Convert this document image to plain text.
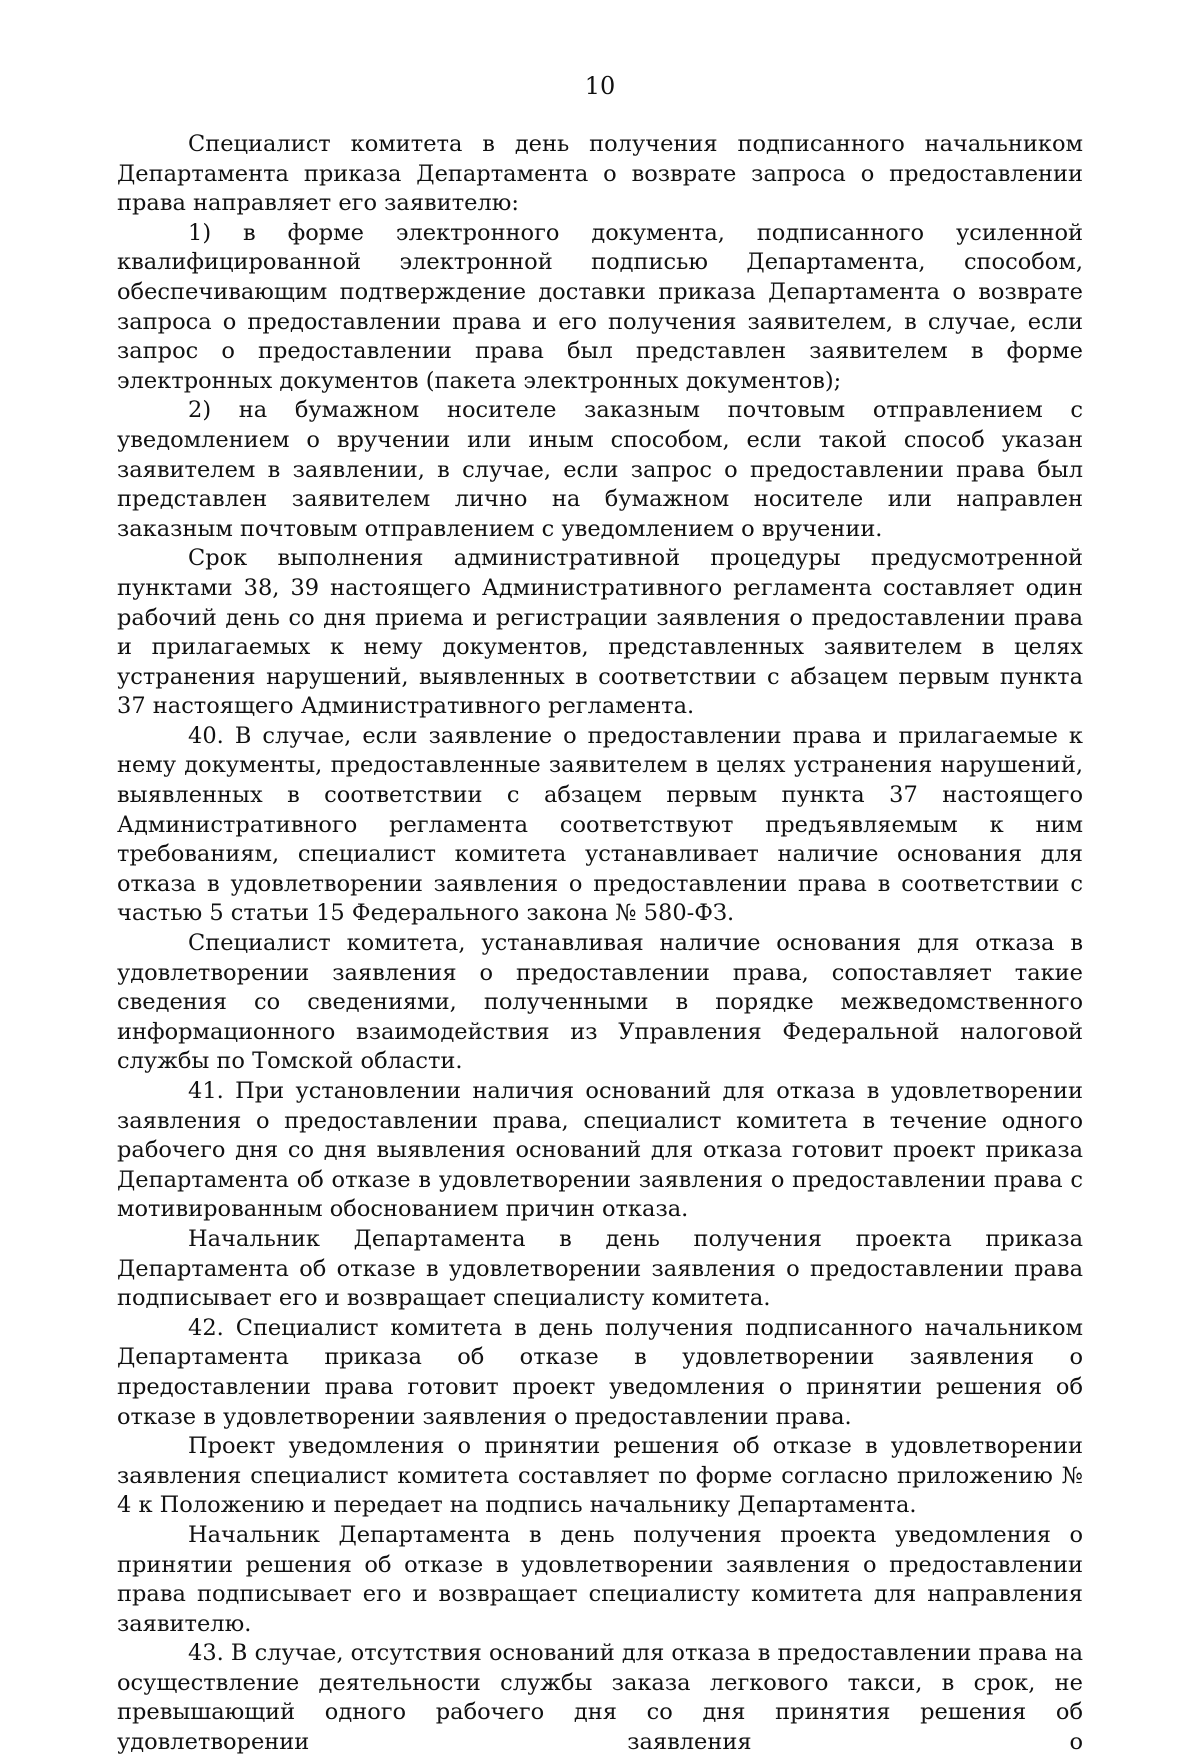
10

Специалист комитета в день получения подписанного начальником Департамента приказа Департамента о возврате запроса о предоставлении права направляет его заявителю:

1) в форме электронного документа, подписанного усиленной квалифицированной электронной подписью Департамента, способом, обеспечивающим подтверждение доставки приказа Департамента о возврате запроса о предоставлении права и его получения заявителем, в случае, если запрос о предоставлении права был представлен заявителем в форме электронных документов (пакета электронных документов);

2) на бумажном носителе заказным почтовым отправлением с уведомлением о вручении или иным способом, если такой способ указан заявителем в заявлении, в случае, если запрос о предоставлении права был представлен заявителем лично на бумажном носителе или направлен заказным почтовым отправлением с уведомлением о вручении.

Срок выполнения административной процедуры предусмотренной пунктами 38, 39 настоящего Административного регламента составляет один рабочий день со дня приема и регистрации заявления о предоставлении права и прилагаемых к нему документов, представленных заявителем в целях устранения нарушений, выявленных в соответствии с абзацем первым пункта 37 настоящего Административного регламента.

40. В случае, если заявление о предоставлении права и прилагаемые к нему документы, предоставленные заявителем в целях устранения нарушений, выявленных в соответствии с абзацем первым пункта 37 настоящего Административного регламента соответствуют предъявляемым к ним требованиям, специалист комитета устанавливает наличие основания для отказа в удовлетворении заявления о предоставлении права в соответствии с частью 5 статьи 15 Федерального закона № 580-ФЗ.

Специалист комитета, устанавливая наличие основания для отказа в удовлетворении заявления о предоставлении права, сопоставляет такие сведения со сведениями, полученными в порядке межведомственного информационного взаимодействия из Управления Федеральной налоговой службы по Томской области.

41. При установлении наличия оснований для отказа в удовлетворении заявления о предоставлении права, специалист комитета в течение одного рабочего дня со дня выявления оснований для отказа готовит проект приказа Департамента об отказе в удовлетворении заявления о предоставлении права с мотивированным обоснованием причин отказа.

Начальник Департамента в день получения проекта приказа Департамента об отказе в удовлетворении заявления о предоставлении права подписывает его и возвращает специалисту комитета.

42. Специалист комитета в день получения подписанного начальником Департамента приказа об отказе в удовлетворении заявления о предоставлении права готовит проект уведомления о принятии решения об отказе в удовлетворении заявления о предоставлении права.

Проект уведомления о принятии решения об отказе в удовлетворении заявления специалист комитета составляет по форме согласно приложению № 4 к Положению и передает на подпись начальнику Департамента.

Начальник Департамента в день получения проекта уведомления о принятии решения об отказе в удовлетворении заявления о предоставлении права подписывает его и возвращает специалисту комитета для направления заявителю.

43. В случае, отсутствия оснований для отказа в предоставлении права на осуществление деятельности службы заказа легкового такси, в срок, не превышающий одного рабочего дня со дня принятия решения об удовлетворении заявления о
